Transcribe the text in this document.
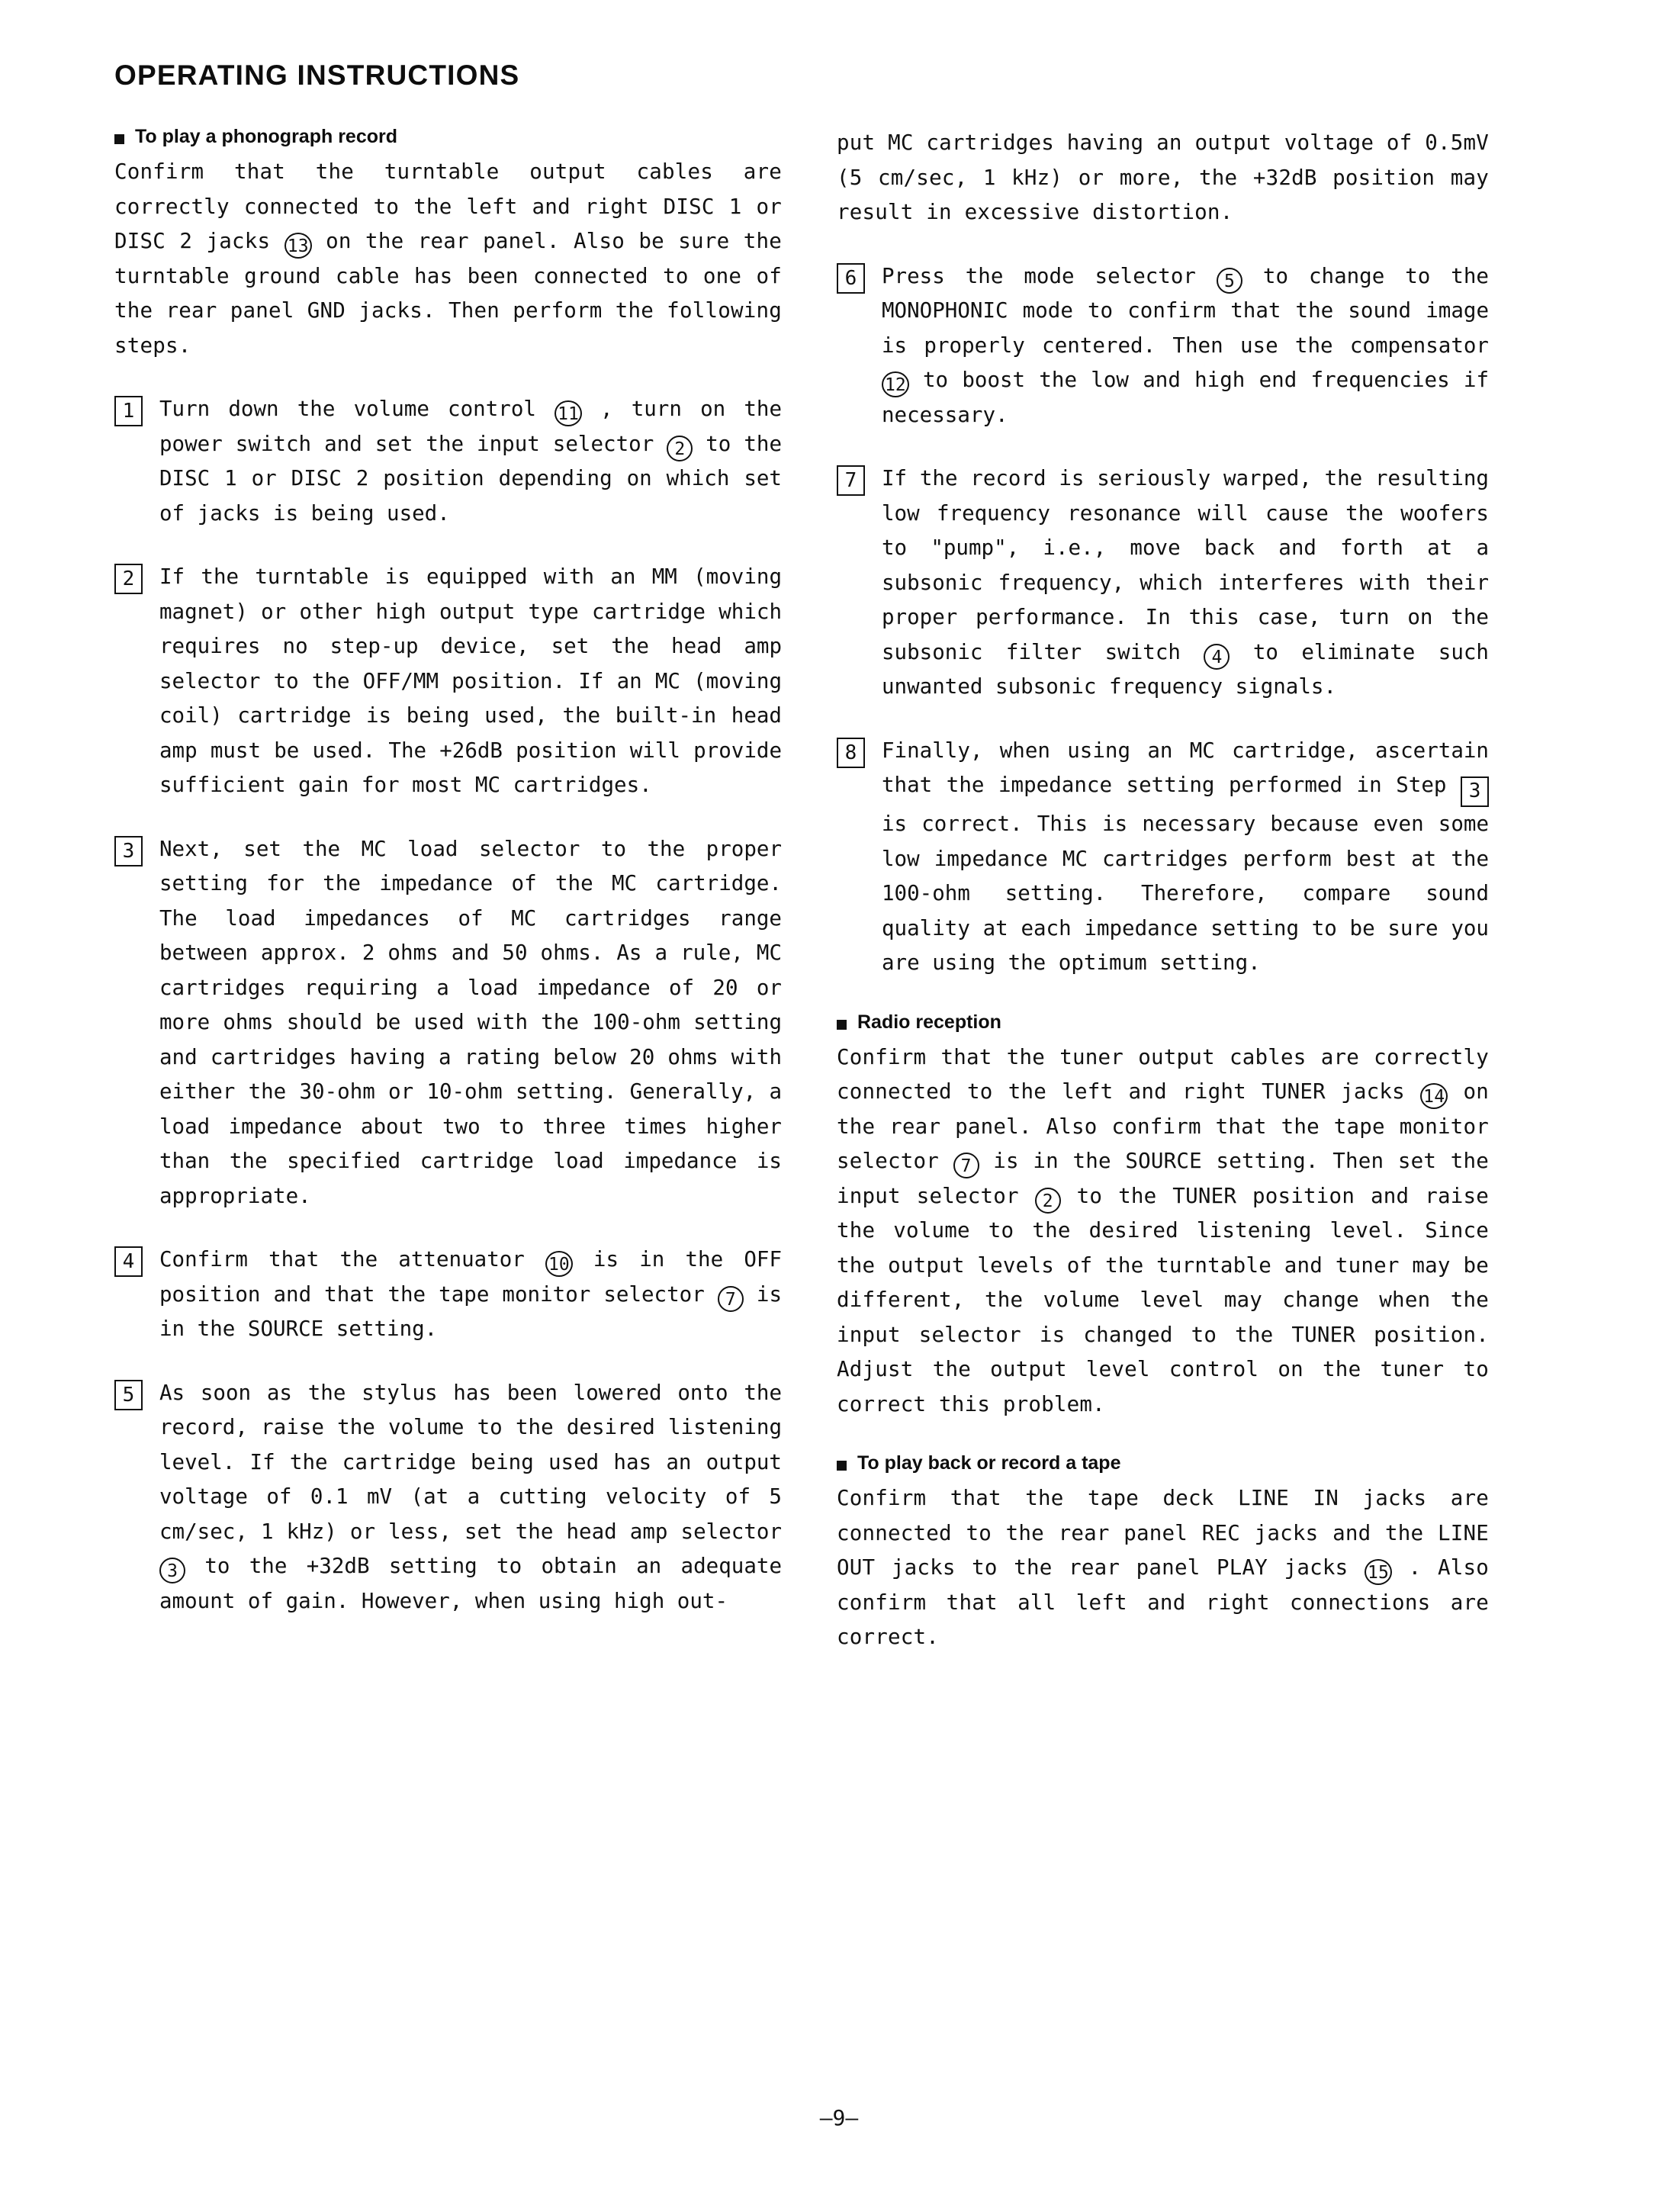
OPERATING INSTRUCTIONS
To play a phonograph record

Confirm that the turntable output cables are correctly connected to the left and right DISC 1 or DISC 2 jacks 13 on the rear panel. Also be sure the turntable ground cable has been connected to one of the rear panel GND jacks. Then perform the following steps.

1	Turn down the volume control 11 , turn on the power switch and set the input selector 2 to the DISC 1 or DISC 2 position depending on which set of jacks is being used.
2	If the turntable is equipped with an MM (moving magnet) or other high output type cartridge which requires no step-up device, set the head amp selector to the OFF/MM position. If an MC (moving coil) cartridge is being used, the built-in head amp must be used. The +26dB position will provide sufficient gain for most MC cartridges.
3	Next, set the MC load selector to the proper setting for the impedance of the MC cartridge. The load impedances of MC cartridges range between approx. 2 ohms and 50 ohms. As a rule, MC cartridges requiring a load impedance of 20 or more ohms should be used with the 100-ohm setting and cartridges having a rating below 20 ohms with either the 30-ohm or 10-ohm setting. Generally, a load impedance about two to three times higher than the specified cartridge load impedance is appropriate.
4	Confirm that the attenuator 10 is in the OFF position and that the tape monitor selector 7 is in the SOURCE setting.
5	As soon as the stylus has been lowered onto the record, raise the volume to the desired listening level. If the cartridge being used has an output voltage of 0.1 mV (at a cutting velocity of 5 cm/sec, 1 kHz) or less, set the head amp selector 3 to the +32dB setting to obtain an adequate amount of gain. However, when using high out-

put MC cartridges having an output voltage of 0.5mV (5 cm/sec, 1 kHz) or more, the +32dB position may result in excessive distortion.

6	Press the mode selector 5 to change to the MONOPHONIC mode to confirm that the sound image is properly centered. Then use the compensator 12 to boost the low and high end frequencies if necessary.
7	If the record is seriously warped, the resulting low frequency resonance will cause the woofers to "pump", i.e., move back and forth at a subsonic frequency, which interferes with their proper performance. In this case, turn on the subsonic filter switch 4 to eliminate such unwanted subsonic frequency signals.
8	Finally, when using an MC cartridge, ascertain that the impedance setting performed in Step 3 is correct. This is necessary because even some low impedance MC cartridges perform best at the 100-ohm setting. Therefore, compare sound quality at each impedance setting to be sure you are using the optimum setting.
Radio reception

Confirm that the tuner output cables are correctly connected to the left and right TUNER jacks 14 on the rear panel. Also confirm that the tape monitor selector 7 is in the SOURCE setting. Then set the input selector 2 to the TUNER position and raise the volume to the desired listening level. Since the output levels of the turntable and tuner may be different, the volume level may change when the input selector is changed to the TUNER position. Adjust the output level control on the tuner to correct this problem.

To play back or record a tape

Confirm that the tape deck LINE IN jacks are connected to the rear panel REC jacks and the LINE OUT jacks to the rear panel PLAY jacks 15 . Also confirm that all left and right connections are correct.

—9—
